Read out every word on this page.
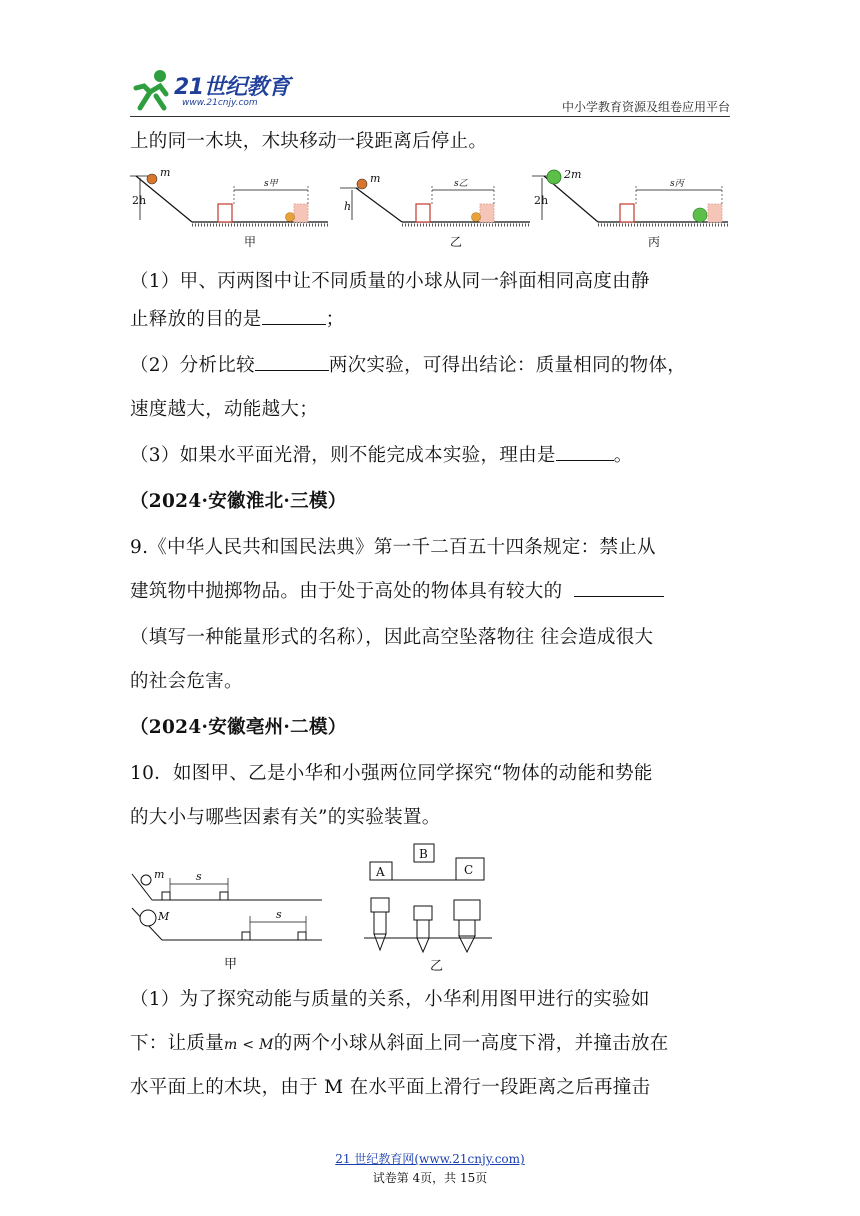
21世纪教育
www.21cnjy.com	中小学教育资源及组卷应用平台
上的同一木块，木块移动一段距离后停止。
2h
m
s甲
甲
h
m	s乙
乙
2h
2m
s丙
丙
（1）甲、丙两图中让不同质量的小球从同一斜面相同高度由静
止释放的目的是	；
（2）分析比较	两次实验，可得出结论：质量相同的物体，
速度越大，动能越大；
（3）如果水平面光滑，则不能完成本实验，理由是	。
（2024·安徽淮北·三模）
9.《中华人民共和国民法典》第一千二百五十四条规定：禁止从
建筑物中抛掷物品。由于处于高处的物体具有较大的
（填写一种能量形式的名称），因此高空坠落物往 往会造成很大
的社会危害。
（2024·安徽亳州·二模）
10．如图甲、乙是小华和小强两位同学探究“物体的动能和势能
的大小与哪些因素有关”的实验装置。
m	s
M	s
甲
A
B
C
乙
（1）为了探究动能与质量的关系，小华利用图甲进行的实验如
下：让质量m < M的两个小球从斜面上同一高度下滑，并撞击放在
水平面上的木块，由于 M 在水平面上滑行一段距离之后再撞击
21 世纪教育网(www.21cnjy.com)
试卷第 4页，共 15页
